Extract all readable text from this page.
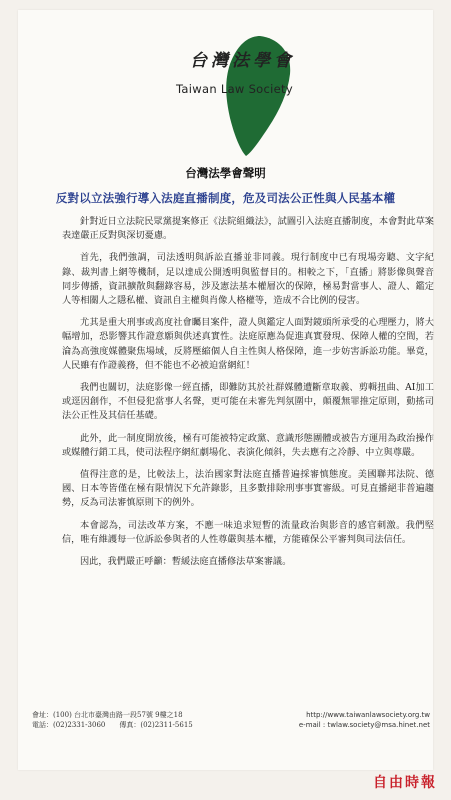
台灣法學會
Taiwan Law Society
台灣法學會聲明
反對以立法強行導入法庭直播制度，危及司法公正性與人民基本權

針對近日立法院民眾黨提案修正《法院組織法》，試圖引入法庭直播制度，本會對此草案表達嚴正反對與深切憂慮。

首先，我們強調，司法透明與訴訟直播並非同義。現行制度中已有現場旁聽、文字紀錄、裁判書上網等機制，足以達成公開透明與監督目的。相較之下，「直播」將影像與聲音同步傳播，資訊擴散與翻錄容易，涉及憲法基本權層次的保障，極易對當事人、證人、鑑定人等相關人之隱私權、資訊自主權與肖像人格權等，造成不合比例的侵害。

尤其是重大刑事或高度社會矚目案件，證人與鑑定人面對鏡頭所承受的心理壓力，將大幅增加，恐影響其作證意願與供述真實性。法庭原應為促進真實發現、保障人權的空間，若淪為高強度媒體聚焦場域，反將壓縮個人自主性與人格保障，進一步妨害訴訟功能。畢竟，人民雖有作證義務，但不能也不必被迫當網紅！

我們也關切，法庭影像一經直播，即難防其於社群媒體遭斷章取義、剪輯扭曲、AI加工或逕因創作，不但侵犯當事人名聲，更可能在未審先判氛圍中，顛覆無罪推定原則，動搖司法公正性及其信任基礎。

此外，此一制度開放後，極有可能被特定政黨、意識形態團體或被告方運用為政治操作或媒體行銷工具，使司法程序網紅劇場化、表演化傾斜，失去應有之冷靜、中立與尊嚴。

值得注意的是，比較法上，法治國家對法庭直播普遍採審慎態度。美國聯邦法院、德國、日本等皆僅在極有限情況下允許錄影，且多數排除刑事事實審級。可見直播絕非普遍趨勢，反為司法審慎原則下的例外。

本會認為，司法改革方案，不應一味追求短暫的流量政治與影音的感官刺激。我們堅信，唯有維護每一位訴訟參與者的人性尊嚴與基本權，方能確保公平審判與司法信任。

因此，我們嚴正呼籲：暫緩法庭直播修法草案審議。

會址：(100) 台北市臺灣由路一段57號 9樓之18
電話：(02)2331-3060　　傳真：(02)2311-5615
http://www.taiwanlawsociety.org.tw
e-mail : twlaw.society@msa.hinet.net
自由時報
